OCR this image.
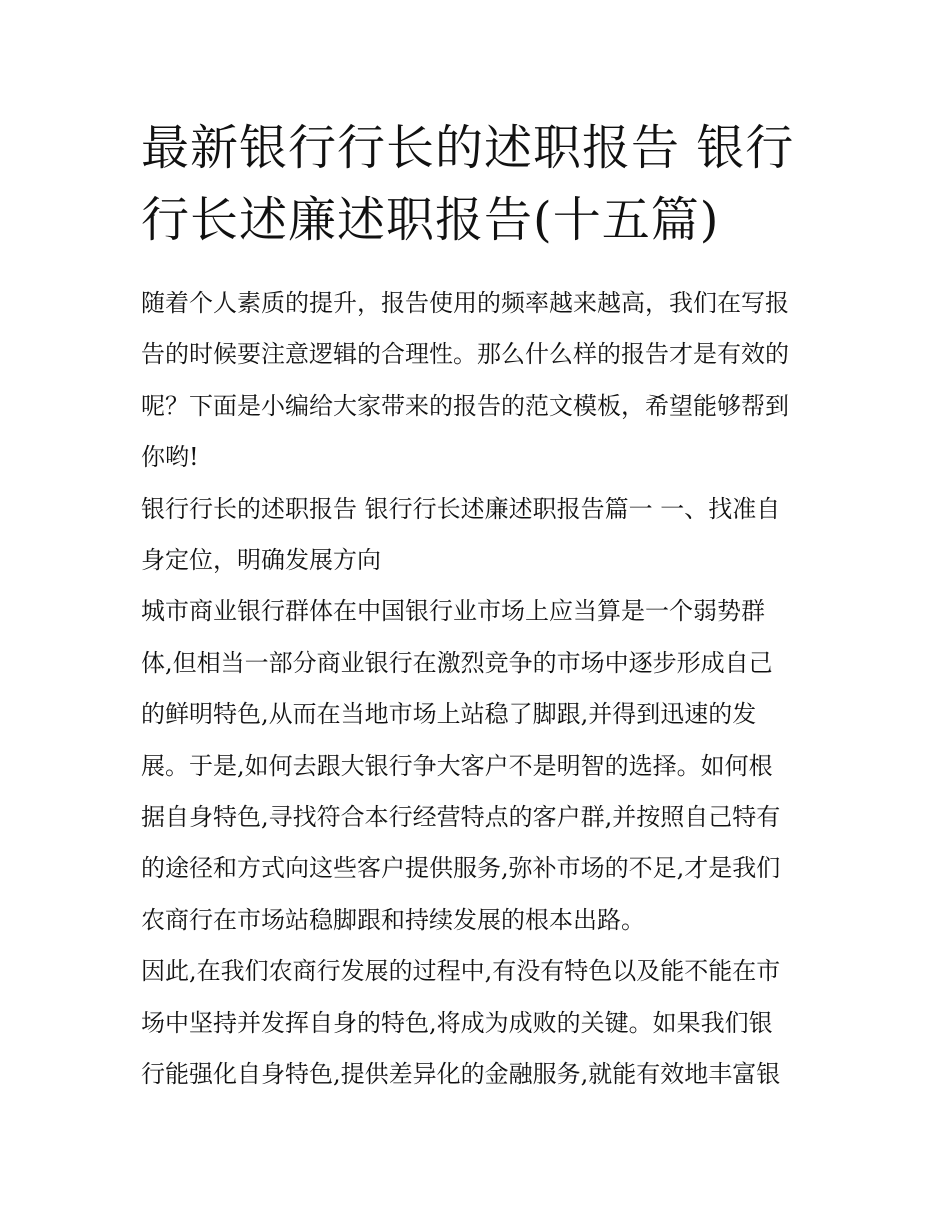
最新银行行长的述职报告 银行
行长述廉述职报告(十五篇)

随着个人素质的提升，报告使用的频率越来越高，我们在写报
告的时候要注意逻辑的合理性。那么什么样的报告才是有效的
呢？下面是小编给大家带来的报告的范文模板，希望能够帮到
你哟!

银行行长的述职报告 银行行长述廉述职报告篇一 一、找准自
身定位，明确发展方向

城市商业银行群体在中国银行业市场上应当算是一个弱势群
体,但相当一部分商业银行在激烈竞争的市场中逐步形成自己
的鲜明特色,从而在当地市场上站稳了脚跟,并得到迅速的发
展。于是,如何去跟大银行争大客户不是明智的选择。如何根
据自身特色,寻找符合本行经营特点的客户群,并按照自己特有
的途径和方式向这些客户提供服务,弥补市场的不足,才是我们
农商行在市场站稳脚跟和持续发展的根本出路。

因此,在我们农商行发展的过程中,有没有特色以及能不能在市
场中坚持并发挥自身的特色,将成为成败的关键。如果我们银
行能强化自身特色,提供差异化的金融服务,就能有效地丰富银
